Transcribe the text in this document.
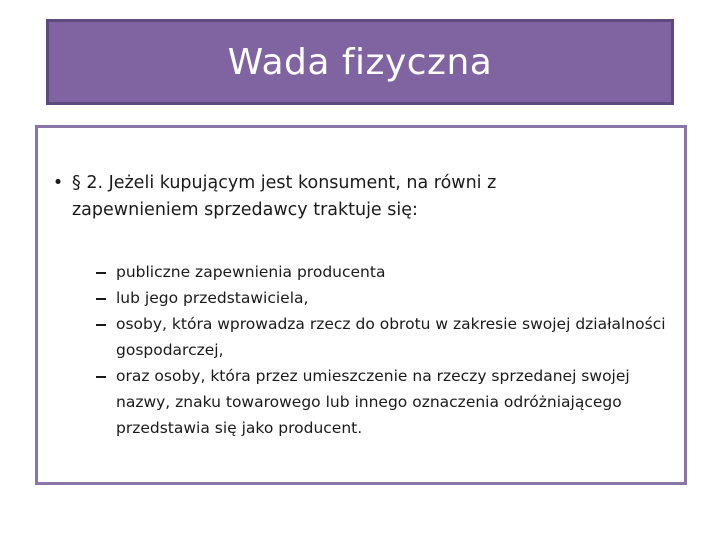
Wada fizyczna
• § 2. Jeżeli kupującym jest konsument, na równi z zapewnieniem sprzedawcy traktuje się:
publiczne zapewnienia producenta
lub jego przedstawiciela,
osoby, która wprowadza rzecz do obrotu w zakresie swojej działalności gospodarczej,
oraz osoby, która przez umieszczenie na rzeczy sprzedanej swojej nazwy, znaku towarowego lub innego oznaczenia odróżniającego przedstawia się jako producent.
